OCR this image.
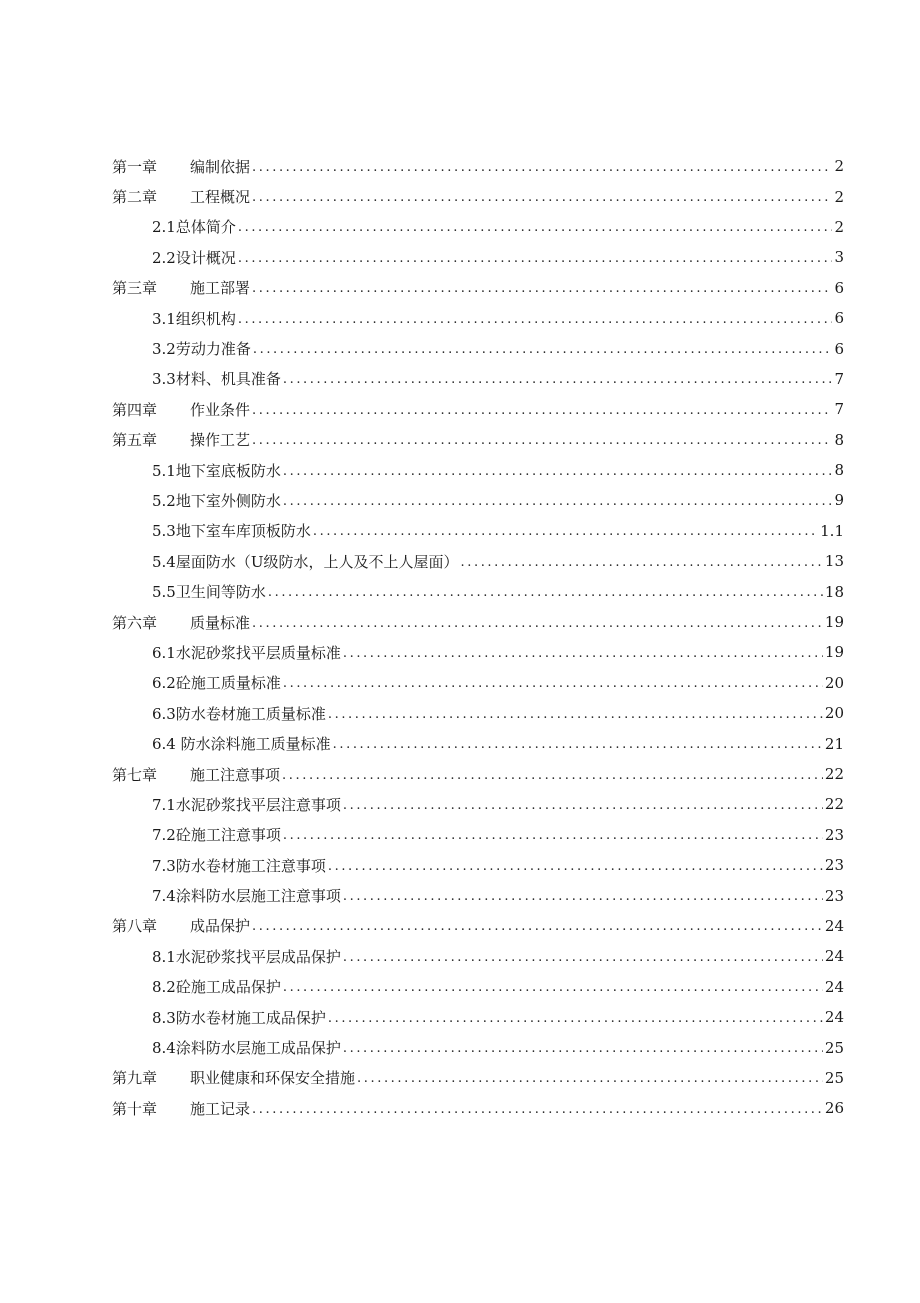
第一章	编制依据 .....	2
第二章	工程概况 .....	2
2.1总体简介 .....	2
2.2设计概况 .....	3
第三章	施工部署 .....	6
3.1组织机构 .....	6
3.2劳动力准备 .....	6
3.3材料、机具准备 .....	7
第四章	作业条件 .....	7
第五章	操作工艺 .....	8
5.1地下室底板防水 .....	8
5.2地下室外侧防水 .....	9
5.3地下室车库顶板防水 .....	1.1
5.4屋面防水（U级防水，上人及不上人屋面） .....	13
5.5卫生间等防水 .....	18
第六章	质量标准 .....	19
6.1水泥砂浆找平层质量标准 .....	19
6.2砼施工质量标准 .....	20
6.3防水卷材施工质量标准 .....	20
6.4 防水涂料施工质量标准 .....	21
第七章	施工注意事项 .....	22
7.1水泥砂浆找平层注意事项 .....	22
7.2砼施工注意事项 .....	23
7.3防水卷材施工注意事项 .....	23
7.4涂料防水层施工注意事项 .....	23
第八章	成品保护 .....	24
8.1水泥砂浆找平层成品保护 .....	24
8.2砼施工成品保护 .....	24
8.3防水卷材施工成品保护 .....	24
8.4涂料防水层施工成品保护 .....	25
第九章	职业健康和环保安全措施 .....	25
第十章	施工记录 .....	26
